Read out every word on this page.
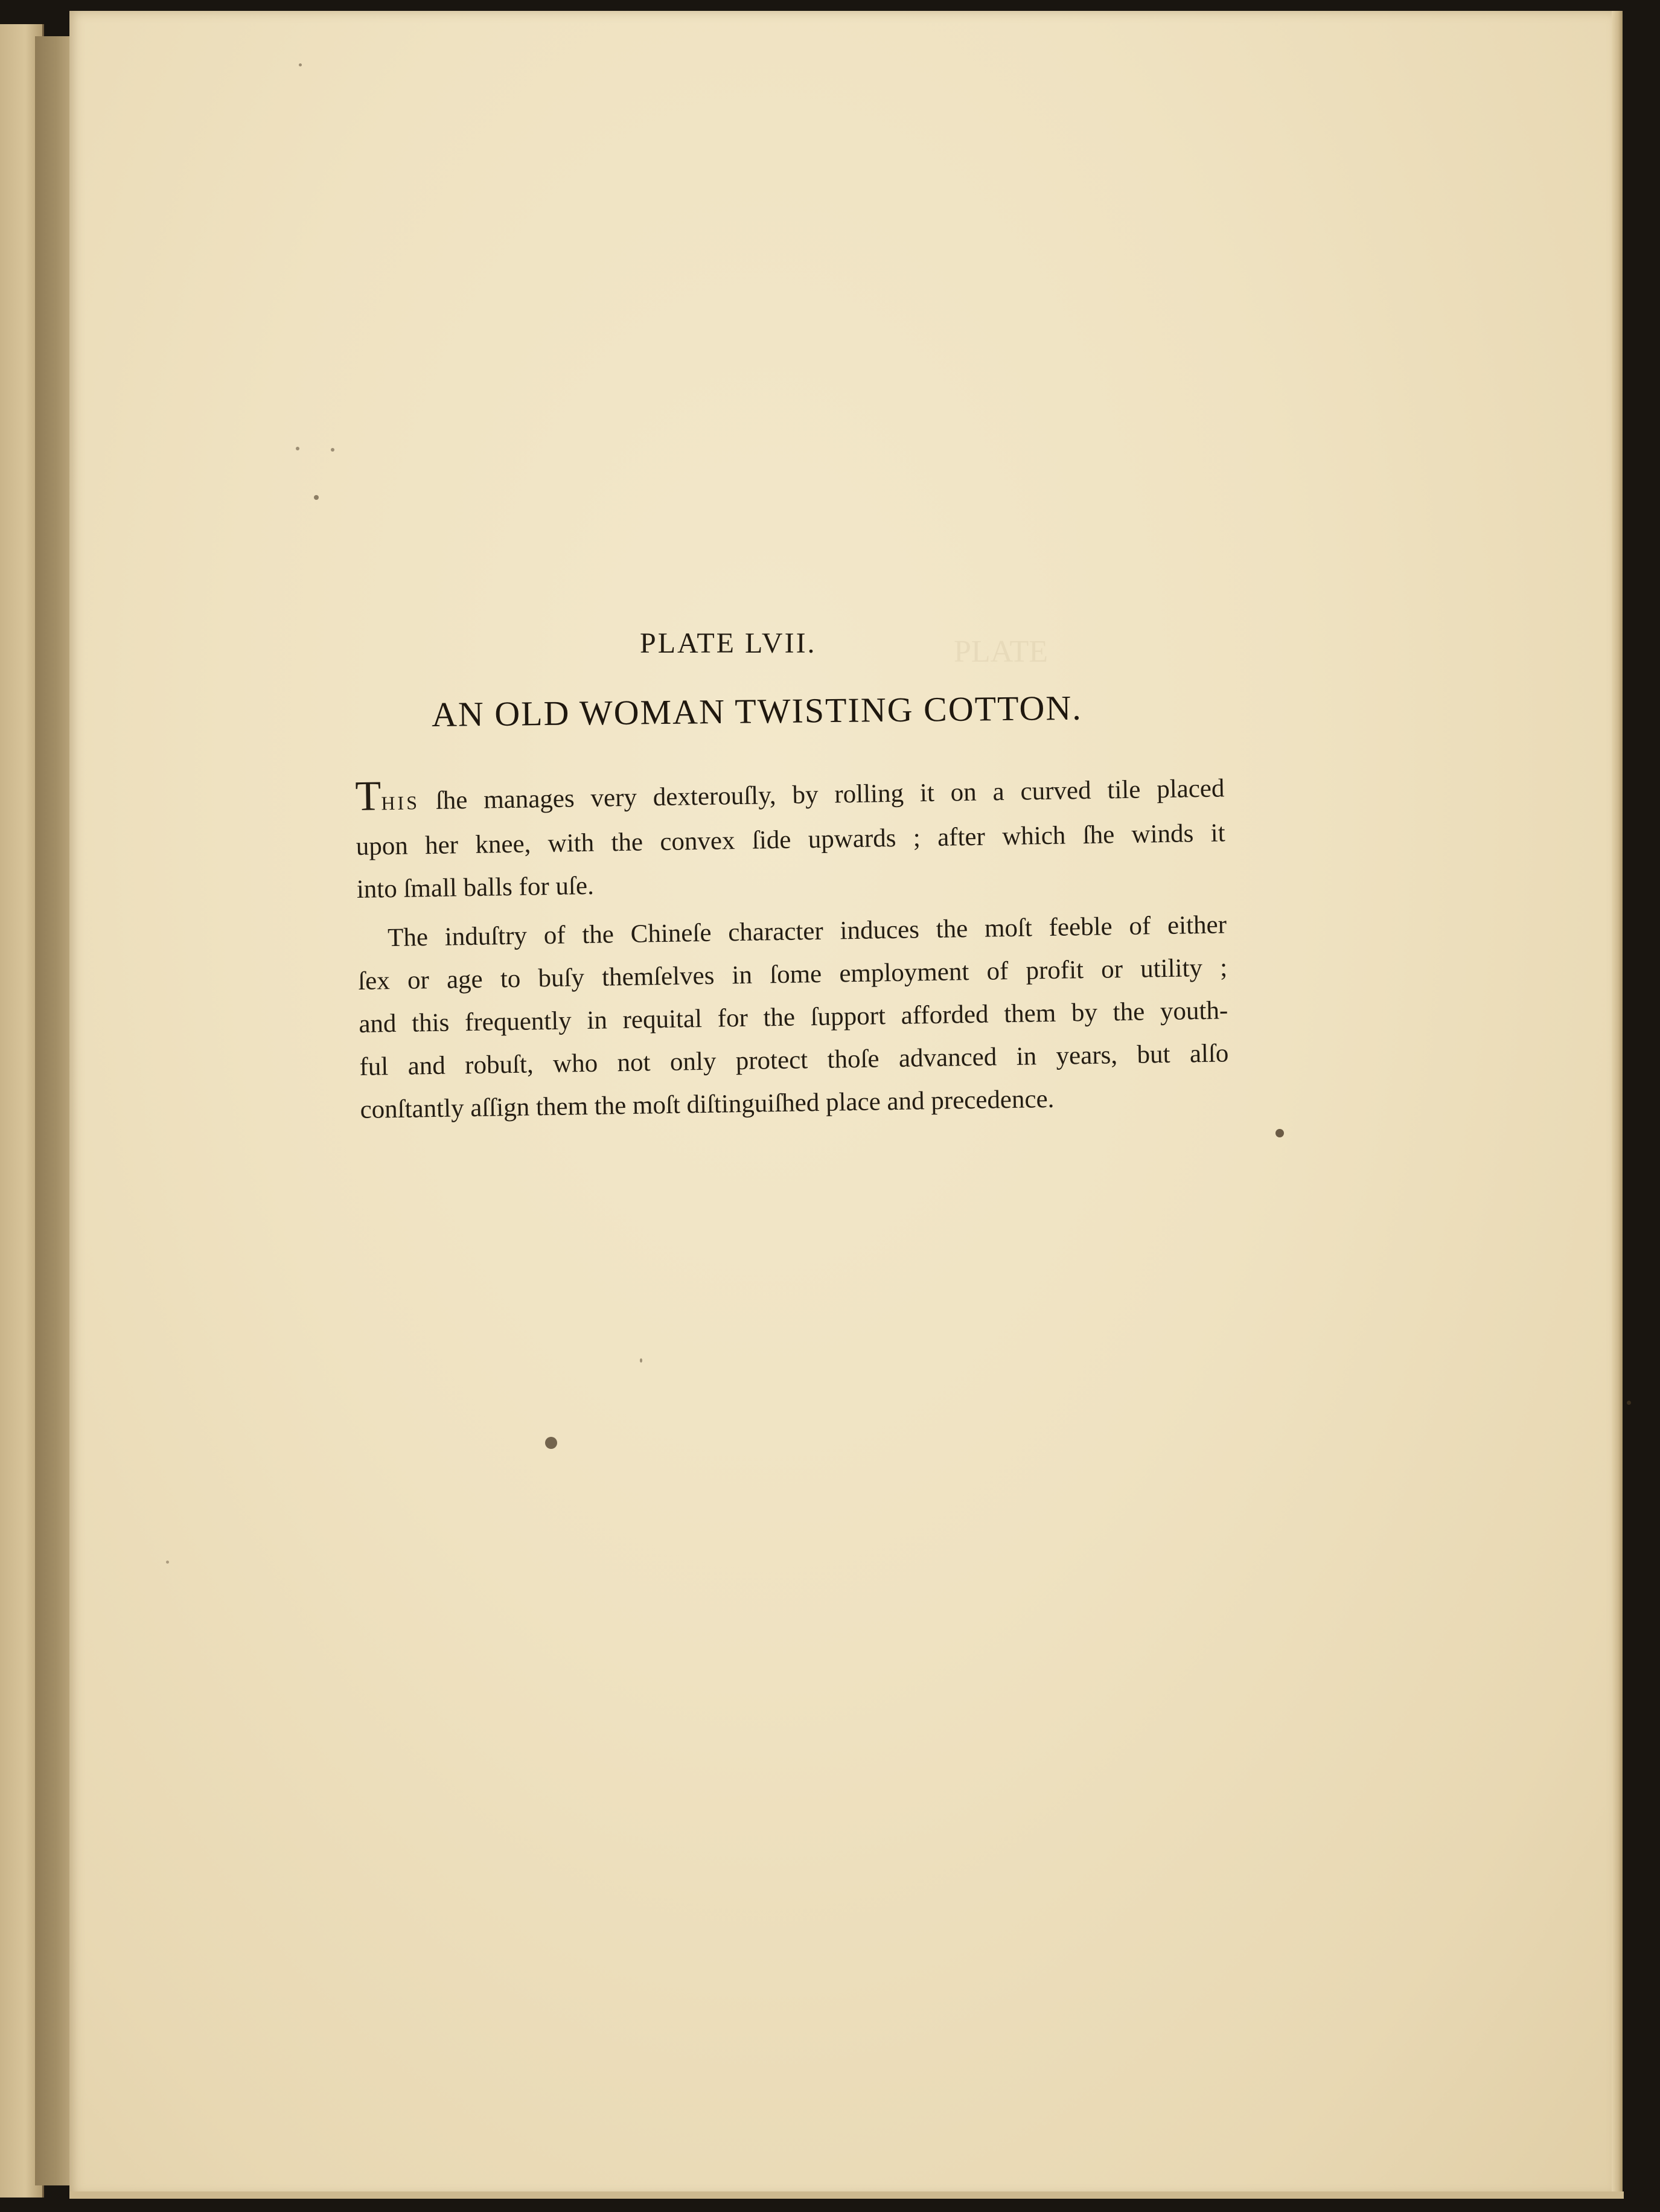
PLATE

PLATE LVII.
AN OLD WOMAN TWISTING COTTON.
THIS ſhe manages very dexterouſly, by rolling it on a curved tile placed
upon her knee, with the convex ſide upwards ; after which ſhe winds it
into ſmall balls for uſe.
The induſtry of the Chineſe character induces the moſt feeble of either
ſex or age to buſy themſelves in ſome employment of profit or utility ;
and this frequently in requital for the ſupport afforded them by the youth-
ful and robuſt, who not only protect thoſe advanced in years, but alſo
conſtantly aſſign them the moſt diſtinguiſhed place and precedence.
